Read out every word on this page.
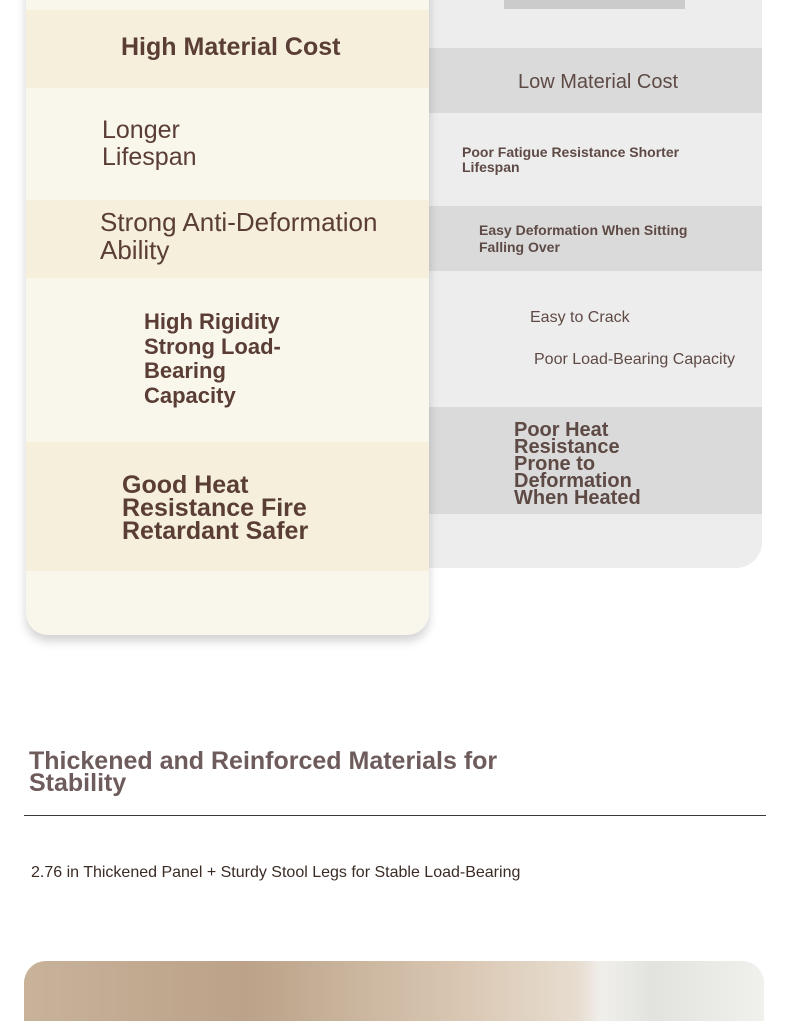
High Material Cost
Longer Lifespan
Strong Anti-Deformation Ability
High Rigidity Strong Load-Bearing Capacity
Good Heat Resistance Fire Retardant Safer
Low Material Cost
Poor Fatigue Resistance Shorter Lifespan
Easy Deformation When Sitting Falling Over
Easy to Crack
Poor Load-Bearing Capacity
Poor Heat Resistance Prone to Deformation When Heated
Thickened and Reinforced Materials for Stability
2.76 in Thickened Panel + Sturdy Stool Legs for Stable Load-Bearing
